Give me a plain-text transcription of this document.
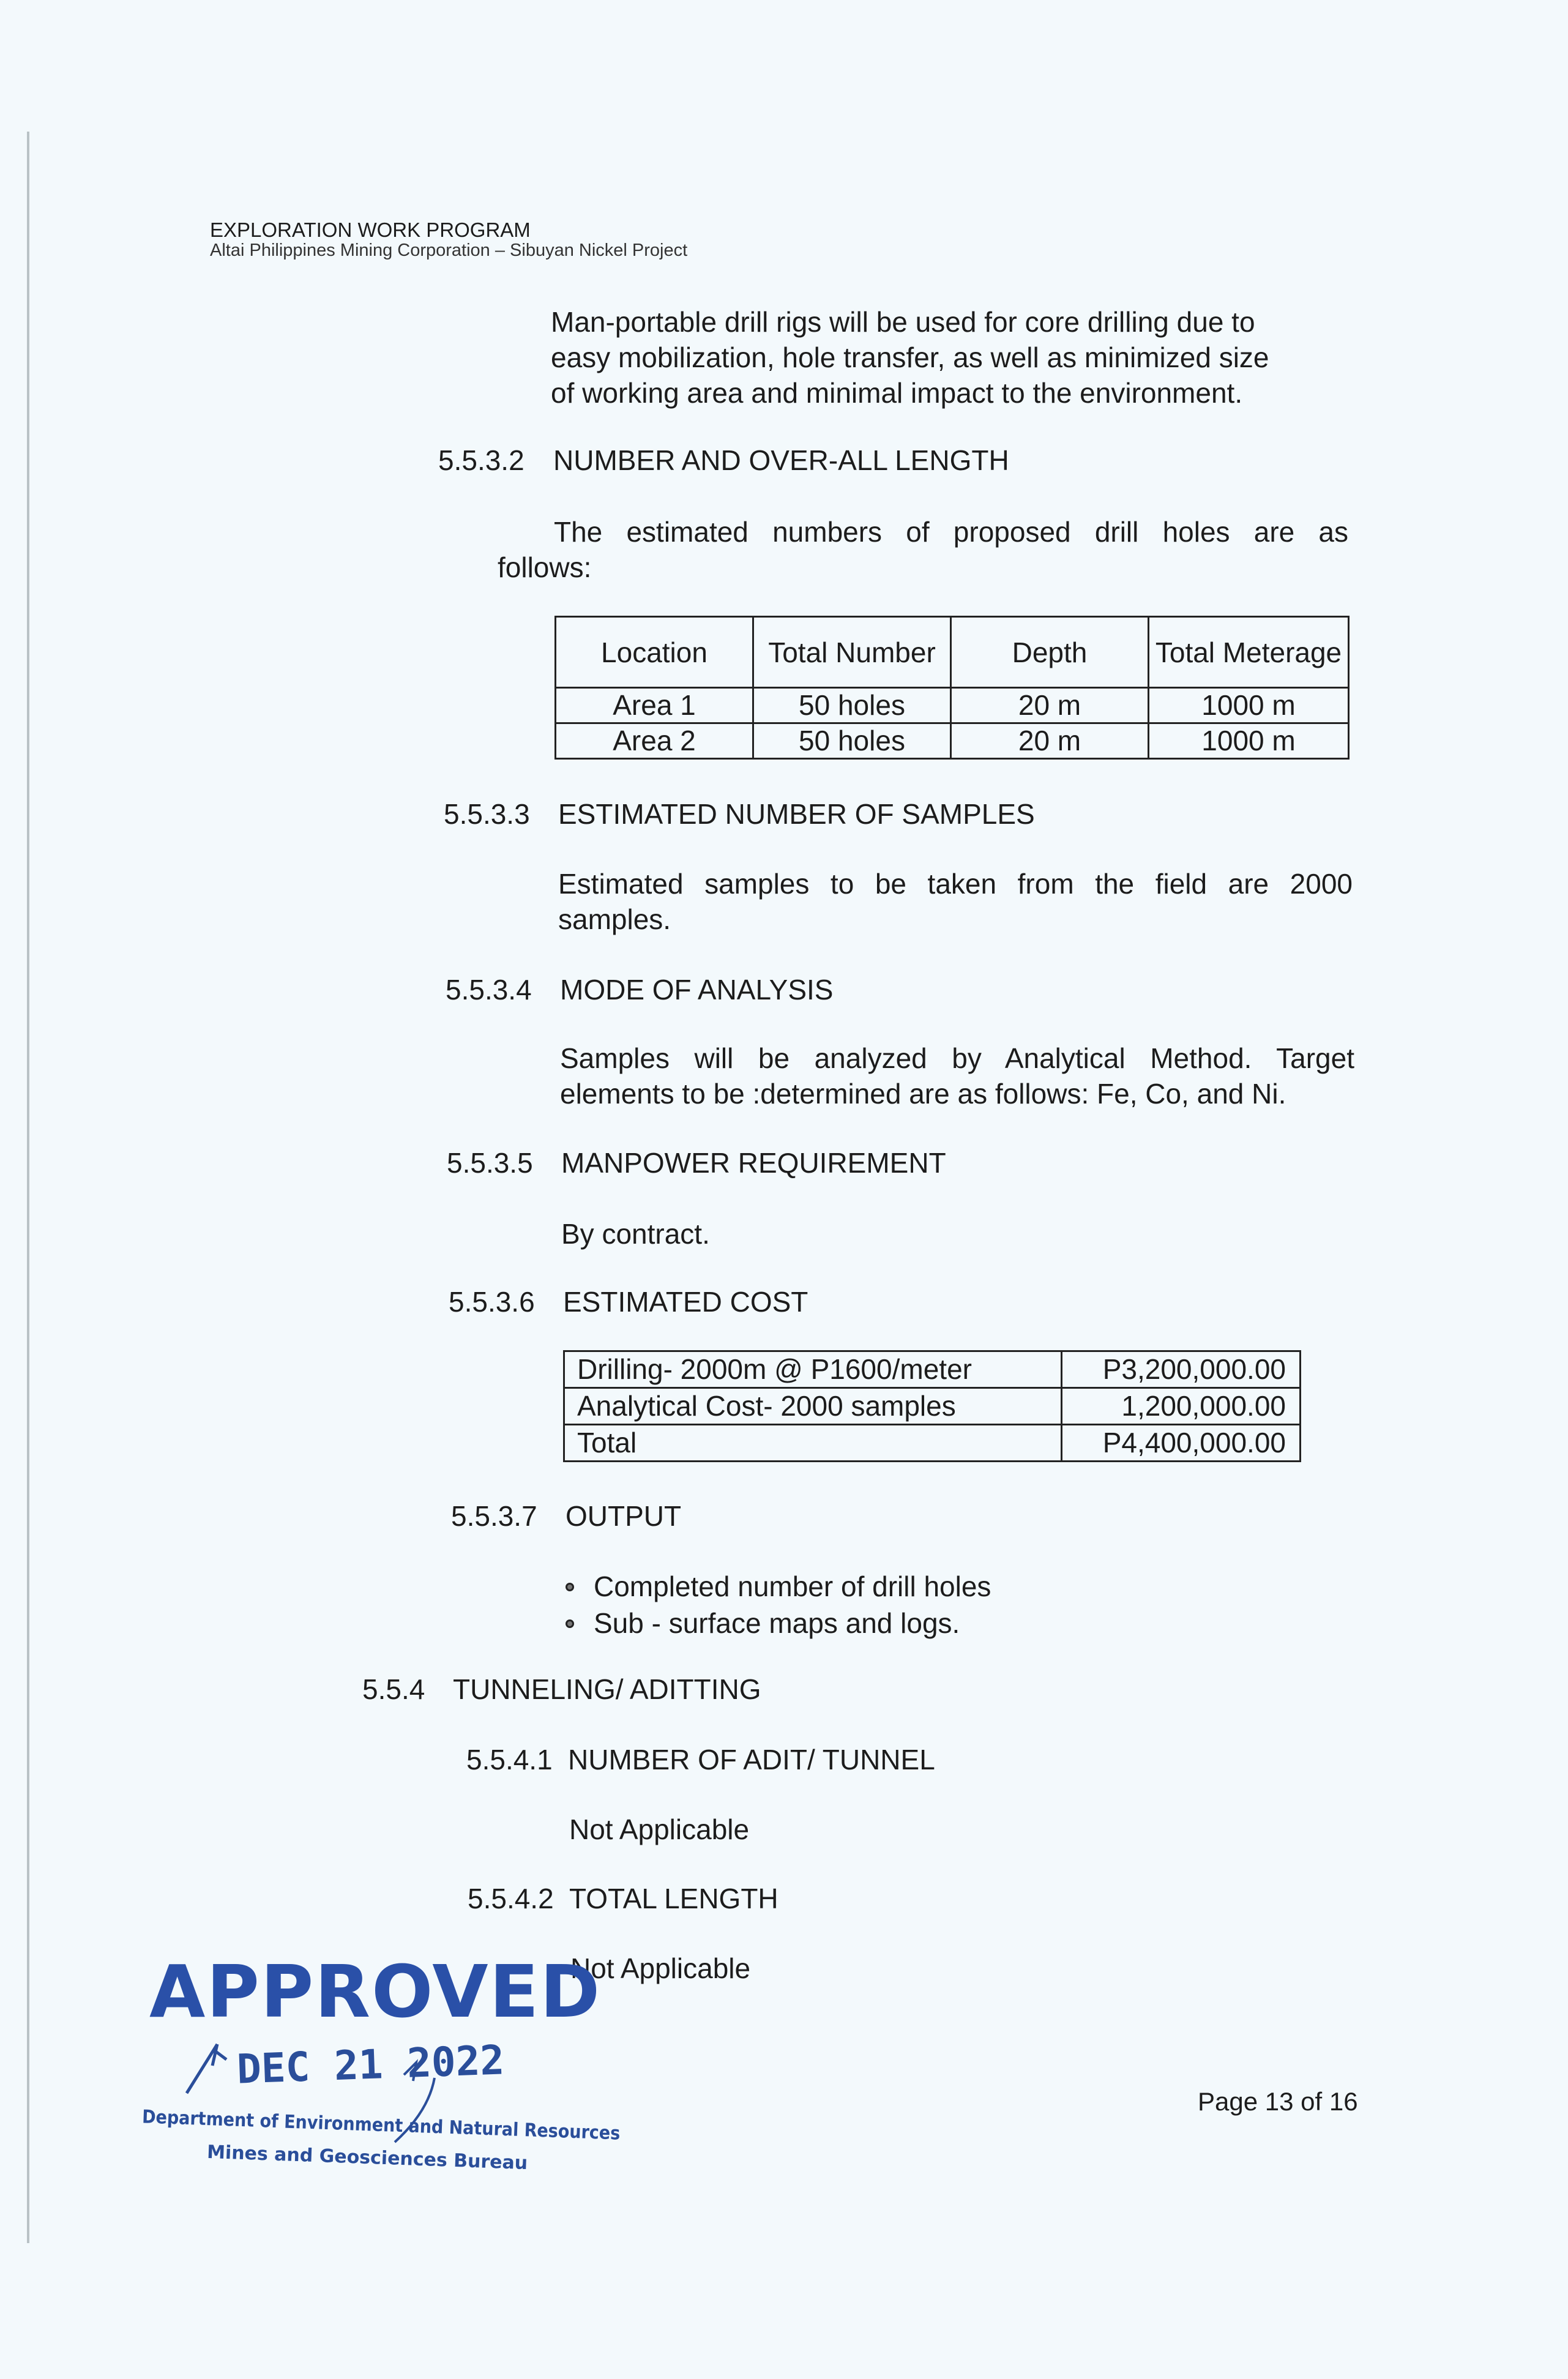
EXPLORATION WORK PROGRAM
Altai Philippines Mining Corporation – Sibuyan Nickel Project
Man-portable drill rigs will be used for core drilling due to
easy mobilization, hole transfer, as well as minimized size
of working area and minimal impact to the environment.
5.5.3.2 NUMBER AND OVER-ALL LENGTH
The estimated numbers of proposed drill holes are as
follows:
Location	Total Number	Depth	Total Meterage
Area 1	50 holes	20 m	1000 m
Area 2	50 holes	20 m	1000 m
5.5.3.3 ESTIMATED NUMBER OF SAMPLES
Estimated samples to be taken from the field are 2000
samples.
5.5.3.4 MODE OF ANALYSIS
Samples will be analyzed by Analytical Method. Target
elements to be :determined are as follows: Fe, Co, and Ni.
5.5.3.5 MANPOWER REQUIREMENT
By contract.
5.5.3.6 ESTIMATED COST
Drilling- 2000m @ P1600/meter	P3,200,000.00
Analytical Cost- 2000 samples	1,200,000.00
Total	P4,400,000.00
5.5.3.7 OUTPUT
Completed number of drill holes
Sub - surface maps and logs.
5.5.4 TUNNELING/ ADITTING
5.5.4.1 NUMBER OF ADIT/ TUNNEL
Not Applicable
5.5.4.2 TOTAL LENGTH
Not Applicable
APPROVED
DEC 21 2022
Department of Environment and Natural Resources
Mines and Geosciences Bureau
Page 13 of 16
